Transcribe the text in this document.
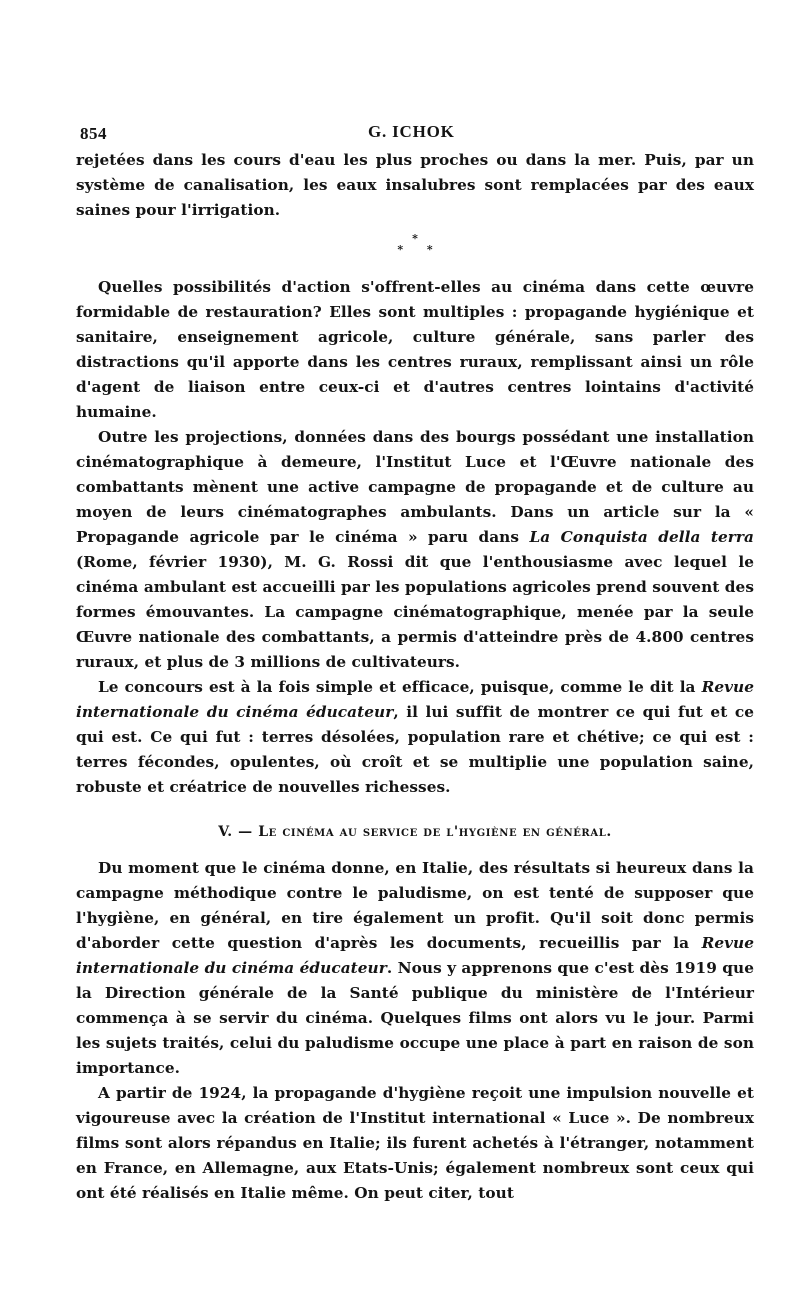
854	G. ICHOK

rejetées dans les cours d'eau les plus proches ou dans la mer. Puis, par un système de canalisation, les eaux insalubres sont remplacées par des eaux saines pour l'irrigation.

*
* *

Quelles possibilités d'action s'offrent-elles au cinéma dans cette œuvre formidable de restauration? Elles sont multiples : propagande hygiénique et sanitaire, enseignement agricole, culture générale, sans parler des distractions qu'il apporte dans les centres ruraux, remplissant ainsi un rôle d'agent de liaison entre ceux-ci et d'autres centres lointains d'activité humaine.

Outre les projections, données dans des bourgs possédant une installation cinématographique à demeure, l'Institut Luce et l'Œuvre nationale des combattants mènent une active campagne de propagande et de culture au moyen de leurs cinématographes ambulants. Dans un article sur la « Propagande agricole par le cinéma » paru dans La Conquista della terra (Rome, février 1930), M. G. Rossi dit que l'enthousiasme avec lequel le cinéma ambulant est accueilli par les populations agricoles prend souvent des formes émouvantes. La campagne cinématographique, menée par la seule Œuvre nationale des combattants, a permis d'atteindre près de 4.800 centres ruraux, et plus de 3 millions de cultivateurs.

Le concours est à la fois simple et efficace, puisque, comme le dit la Revue internationale du cinéma éducateur, il lui suffit de montrer ce qui fut et ce qui est. Ce qui fut : terres désolées, population rare et chétive; ce qui est : terres fécondes, opulentes, où croît et se multiplie une population saine, robuste et créatrice de nouvelles richesses.

V. — Le cinéma au service de l'hygiène en général.

Du moment que le cinéma donne, en Italie, des résultats si heureux dans la campagne méthodique contre le paludisme, on est tenté de supposer que l'hygiène, en général, en tire également un profit. Qu'il soit donc permis d'aborder cette question d'après les documents, recueillis par la Revue internationale du cinéma éducateur. Nous y apprenons que c'est dès 1919 que la Direction générale de la Santé publique du ministère de l'Intérieur commença à se servir du cinéma. Quelques films ont alors vu le jour. Parmi les sujets traités, celui du paludisme occupe une place à part en raison de son importance.

A partir de 1924, la propagande d'hygiène reçoit une impulsion nouvelle et vigoureuse avec la création de l'Institut international « Luce ». De nombreux films sont alors répandus en Italie; ils furent achetés à l'étranger, notamment en France, en Allemagne, aux Etats-Unis; également nombreux sont ceux qui ont été réalisés en Italie même. On peut citer, tout
